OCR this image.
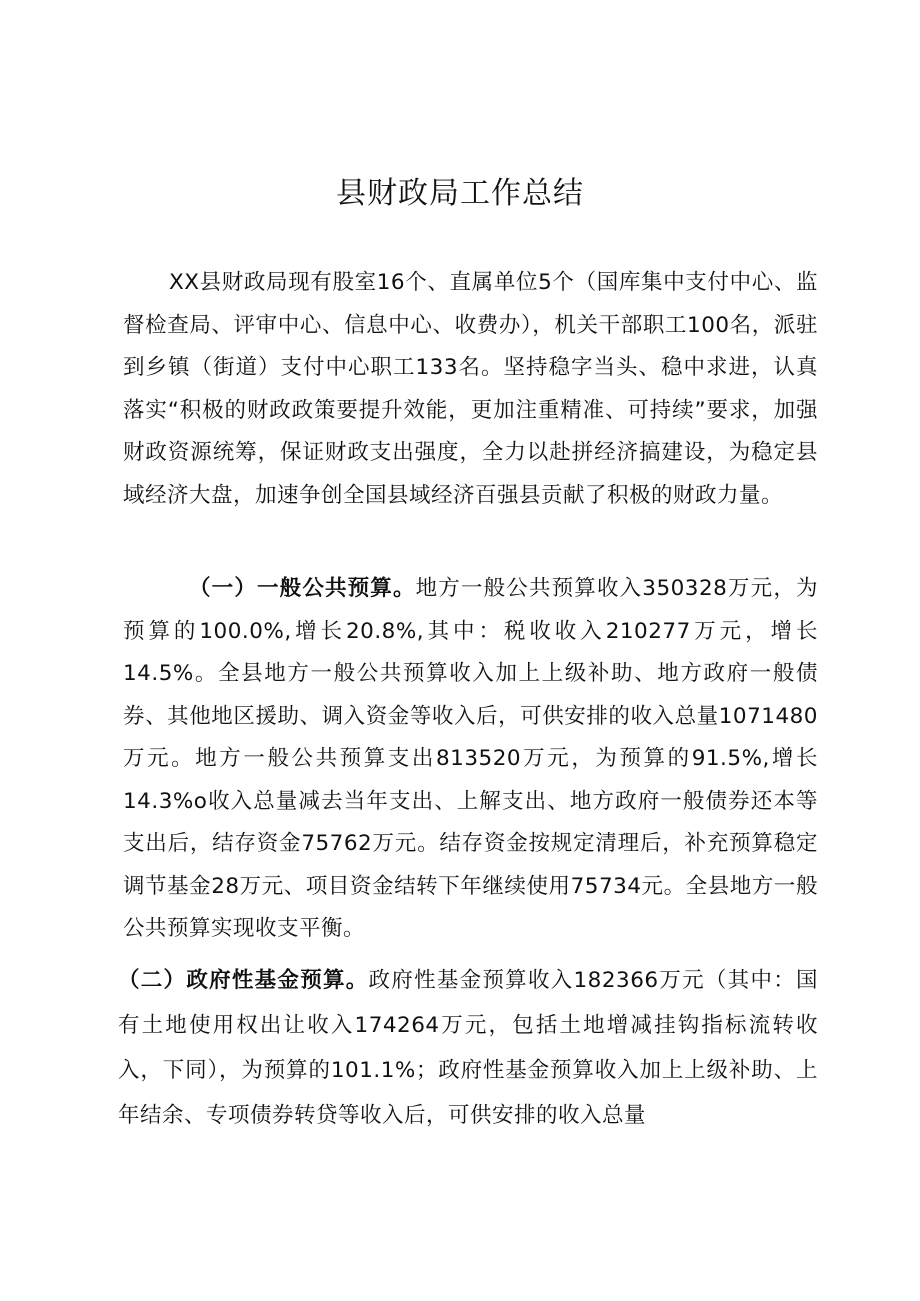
县财政局工作总结

XX县财政局现有股室16个、直属单位5个（国库集中支付中心、监督检查局、评审中心、信息中心、收费办），机关干部职工100名，派驻到乡镇（街道）支付中心职工133名。坚持稳字当头、稳中求进，认真落实“积极的财政政策要提升效能，更加注重精准、可持续”要求，加强财政资源统筹，保证财政支出强度，全力以赴拼经济搞建设，为稳定县域经济大盘，加速争创全国县域经济百强县贡献了积极的财政力量。

（一）一般公共预算。地方一般公共预算收入350328万元，为预算的100.0%,增长20.8%,其中：税收收入210277万元，增长14.5%。全县地方一般公共预算收入加上上级补助、地方政府一般债券、其他地区援助、调入资金等收入后，可供安排的收入总量1071480万元。地方一般公共预算支出813520万元，为预算的91.5%,增长14.3%o收入总量减去当年支出、上解支出、地方政府一般债券还本等支出后，结存资金75762万元。结存资金按规定清理后，补充预算稳定调节基金28万元、项目资金结转下年继续使用75734元。全县地方一般公共预算实现收支平衡。

（二）政府性基金预算。政府性基金预算收入182366万元（其中：国有土地使用权出让收入174264万元，包括土地增减挂钩指标流转收入，下同），为预算的101.1%；政府性基金预算收入加上上级补助、上年结余、专项债券转贷等收入后，可供安排的收入总量
